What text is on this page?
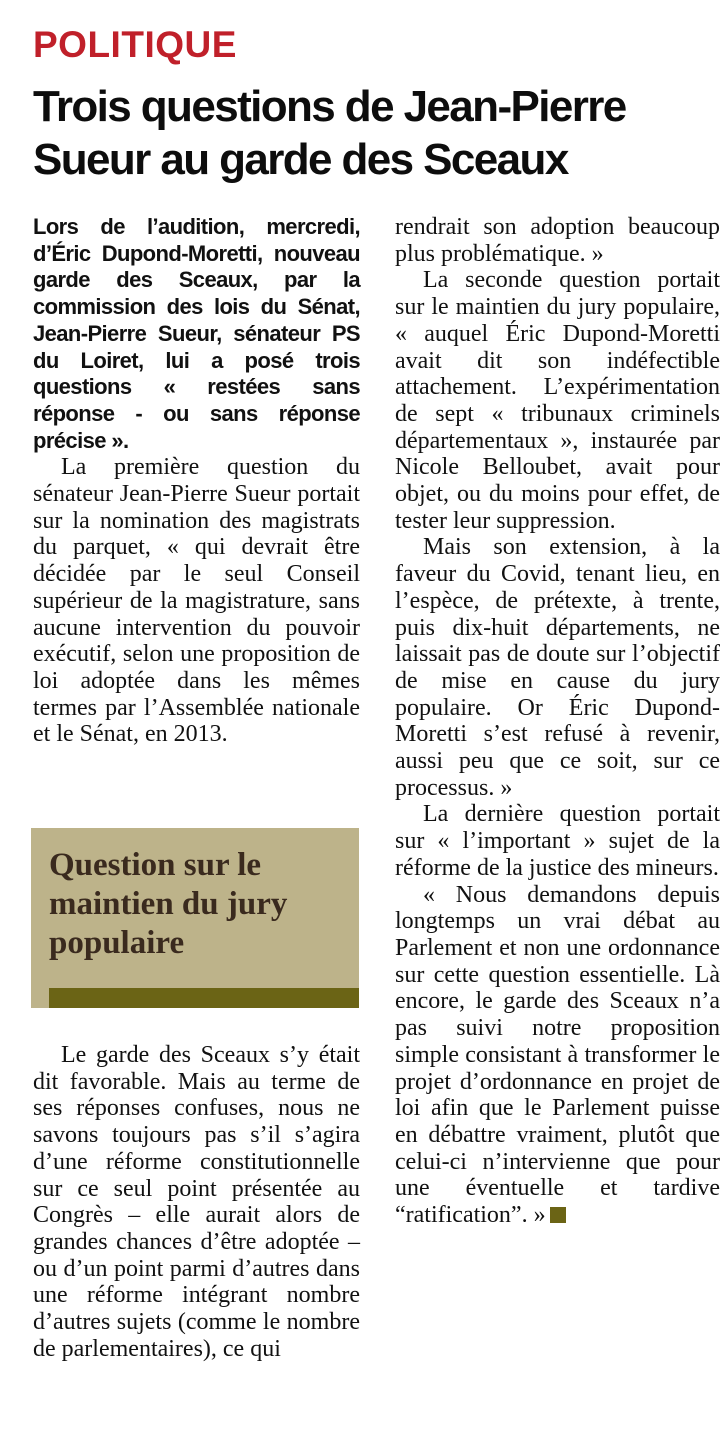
POLITIQUE
Trois questions de Jean-Pierre Sueur au garde des Sceaux

Lors de l’audition, mercredi, d’Éric Dupond-Moretti, nouveau garde des Sceaux, par la commission des lois du Sénat, Jean-Pierre Sueur, sénateur PS du Loiret, lui a posé trois questions « restées sans réponse - ou sans réponse précise ».

La première question du sénateur Jean-Pierre Sueur portait sur la nomination des magistrats du parquet, « qui devrait être décidée par le seul Conseil supérieur de la magistrature, sans aucune intervention du pouvoir exécutif, selon une proposition de loi adoptée dans les mêmes termes par l’Assemblée nationale et le Sénat, en 2013.

Question sur le maintien du jury populaire

Le garde des Sceaux s’y était dit favorable. Mais au terme de ses réponses confuses, nous ne savons toujours pas s’il s’agira d’une réforme constitutionnelle sur ce seul point présentée au Congrès – elle aurait alors de grandes chances d’être adoptée – ou d’un point parmi d’autres dans une réforme intégrant nombre d’autres sujets (comme le nombre de parlementaires), ce qui

rendrait son adoption beaucoup plus problématique. »

La seconde question portait sur le maintien du jury populaire, « auquel Éric Dupond-Moretti avait dit son indéfectible attachement. L’expérimentation de sept « tribunaux criminels départementaux », instaurée par Nicole Belloubet, avait pour objet, ou du moins pour effet, de tester leur suppression.

Mais son extension, à la faveur du Covid, tenant lieu, en l’espèce, de prétexte, à trente, puis dix-huit départements, ne laissait pas de doute sur l’objectif de mise en cause du jury populaire. Or Éric Dupond-Moretti s’est refusé à revenir, aussi peu que ce soit, sur ce processus. »

La dernière question portait sur « l’important » sujet de la réforme de la justice des mineurs.

« Nous demandons depuis longtemps un vrai débat au Parlement et non une ordonnance sur cette question essentielle. Là encore, le garde des Sceaux n’a pas suivi notre proposition simple consistant à transformer le projet d’ordonnance en projet de loi afin que le Parlement puisse en débattre vraiment, plutôt que celui-ci n’intervienne que pour une éventuelle et tardive “ratification”. »
